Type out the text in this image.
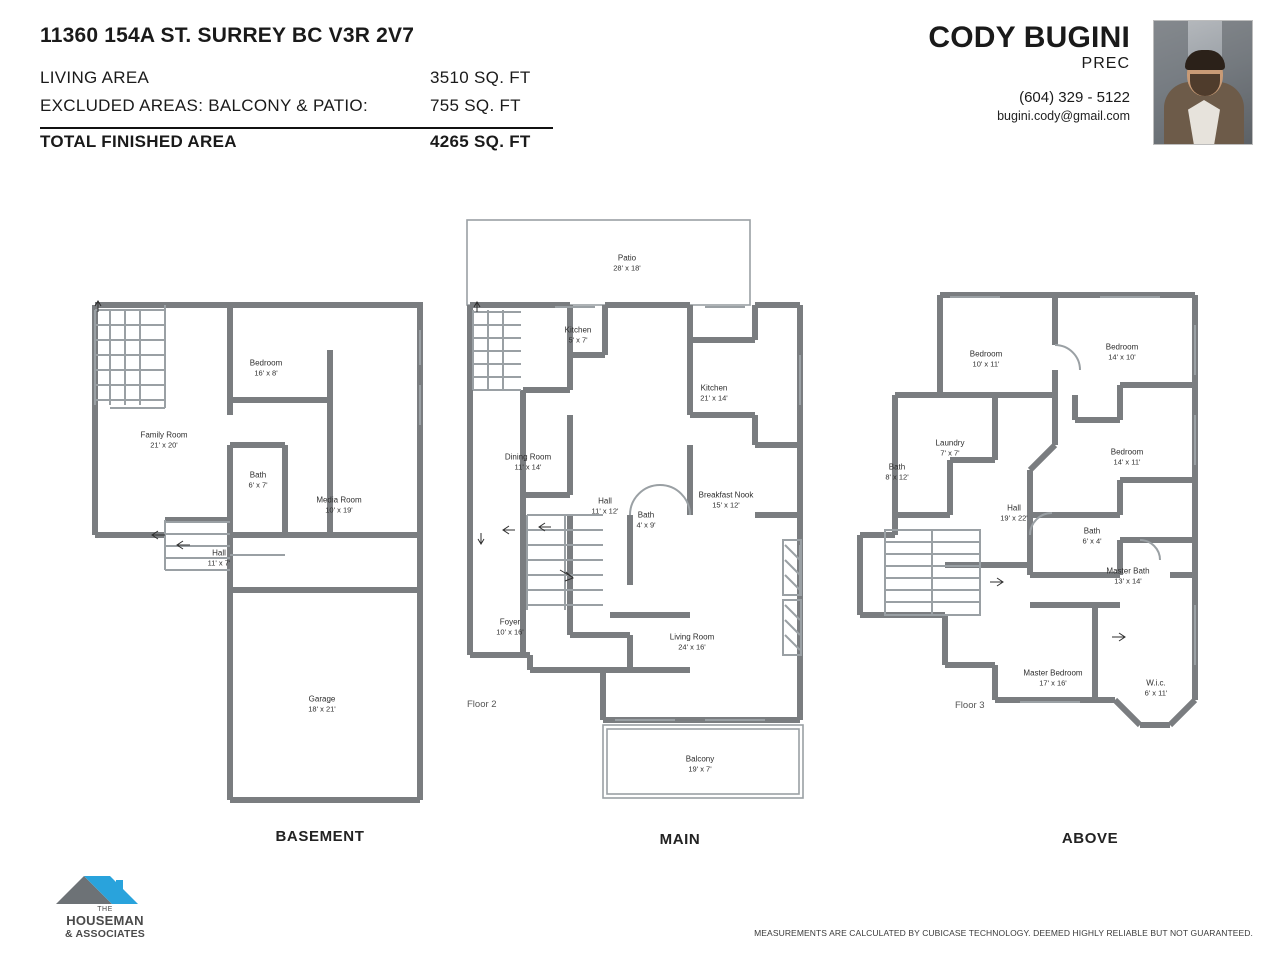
11360 154A ST. SURREY BC V3R 2V7
LIVING AREA	3510 SQ. FT
EXCLUDED AREAS: BALCONY & PATIO:	755 SQ. FT
TOTAL FINISHED AREA	4265 SQ. FT
CODY BUGINI
PREC
(604) 329 - 5122
bugini.cody@gmail.com
Bedroom
16' x 8'
Family Room
21' x 20'
Bath
6' x 7'
Media Room
10' x 19'
Hall
11' x 7'
Garage
18' x 21'
BASEMENT
Patio
28' x 18'
Kitchen
5' x 7'
Kitchen
21' x 14'
Dining Room
11' x 14'
Hall
11' x 12' Bath
4' x 9'
Breakfast Nook
15' x 12'
Foyer
10' x 16'
Living Room
24' x 16'
Balcony
19' x 7'
Floor 2
MAIN
Bedroom
10' x 11'
Bedroom
14' x 10'
Laundry
7' x 7'	Bedroom
14' x 11'
Bath
8' x 12'
Hall
19' x 22'
Bath
6' x 4'
Master Bath
13' x 14'
Master Bedroom
17' x 16'	W.i.c.
6' x 11'
Floor 3
ABOVE
THE
HOUSEMAN
& ASSOCIATES	MEASUREMENTS ARE CALCULATED BY CUBICASE TECHNOLOGY. DEEMED HIGHLY RELIABLE BUT NOT GUARANTEED.
